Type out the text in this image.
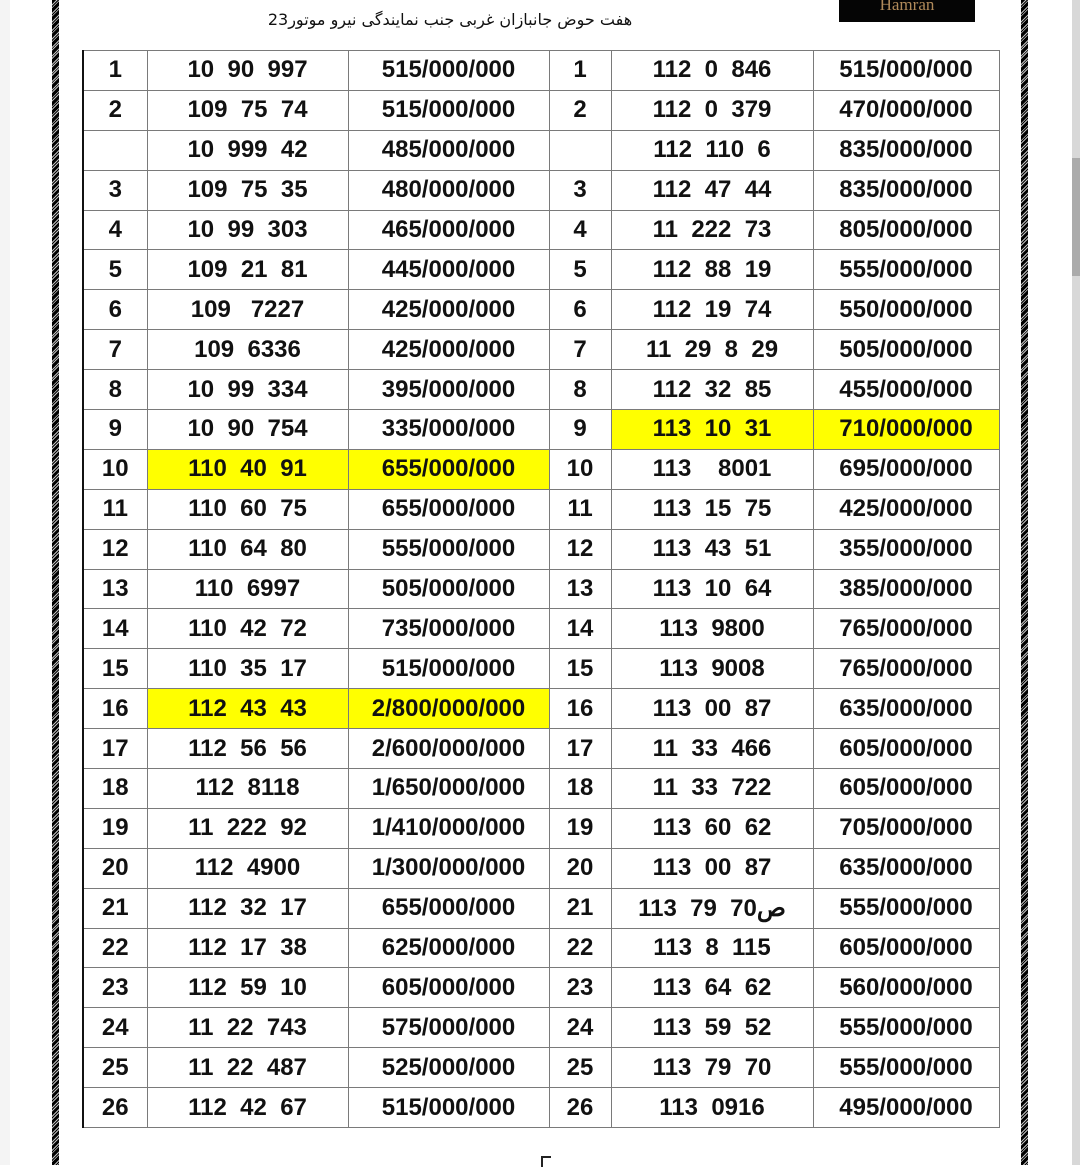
Hamran
هفت حوض جانبازان غربی جنب نمایندگی نیرو موتور23
1	10  90  997	515/000/000	1	112  0  846	515/000/000
2	109  75  74	515/000/000	2	112  0  379	470/000/000
	10  999  42	485/000/000		112  110  6	835/000/000
3	109  75  35	480/000/000	3	112  47  44	835/000/000
4	10  99  303	465/000/000	4	11  222  73	805/000/000
5	109  21  81	445/000/000	5	112  88  19	555/000/000
6	109   7227	425/000/000	6	112  19  74	550/000/000
7	109  6336	425/000/000	7	11  29  8  29	505/000/000
8	10  99  334	395/000/000	8	112  32  85	455/000/000
9	10  90  754	335/000/000	9	113  10  31	710/000/000
10	110  40  91	655/000/000	10	113    8001	695/000/000
11	110  60  75	655/000/000	11	113  15  75	425/000/000
12	110  64  80	555/000/000	12	113  43  51	355/000/000
13	110  6997	505/000/000	13	113  10  64	385/000/000
14	110  42  72	735/000/000	14	113  9800	765/000/000
15	110  35  17	515/000/000	15	113  9008	765/000/000
16	112  43  43	2/800/000/000	16	113  00  87	635/000/000
17	112  56  56	2/600/000/000	17	11  33  466	605/000/000
18	112  8118	1/650/000/000	18	11  33  722	605/000/000
19	11  222  92	1/410/000/000	19	113  60  62	705/000/000
20	112  4900	1/300/000/000	20	113  00  87	635/000/000
21	112  32  17	655/000/000	21	113  79  70ص	555/000/000
22	112  17  38	625/000/000	22	113  8  115	605/000/000
23	112  59  10	605/000/000	23	113  64  62	560/000/000
24	11  22  743	575/000/000	24	113  59  52	555/000/000
25	11  22  487	525/000/000	25	113  79  70	555/000/000
26	112  42  67	515/000/000	26	113  0916	495/000/000
